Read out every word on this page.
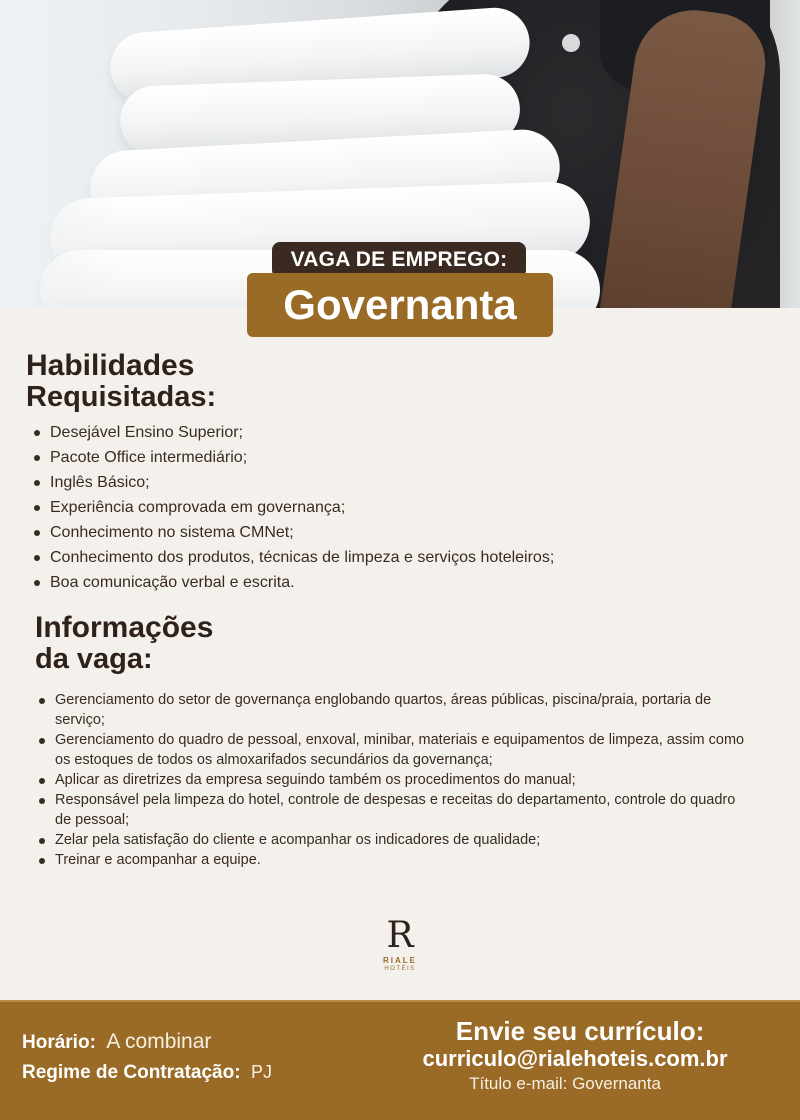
VAGA DE EMPREGO:
Governanta
Habilidades
Requisitadas:
Desejável Ensino Superior;
Pacote Office intermediário;
Inglês Básico;
Experiência comprovada em governança;
Conhecimento no sistema CMNet;
Conhecimento dos produtos, técnicas de limpeza e serviços hoteleiros;
Boa comunicação verbal e escrita.
Informações
da vaga:
Gerenciamento do setor de governança englobando quartos, áreas públicas, piscina/praia, portaria de serviço;
Gerenciamento do quadro de pessoal, enxoval, minibar, materiais e equipamentos de limpeza, assim como os estoques de todos os almoxarifados secundários da governança;
Aplicar as diretrizes da empresa seguindo também os procedimentos do manual;
Responsável pela limpeza do hotel, controle de despesas e receitas do departamento, controle do quadro de pessoal;
Zelar pela satisfação do cliente e acompanhar os indicadores de qualidade;
Treinar e acompanhar a equipe.
R
RIALE
HOTÉIS
Horário: A combinar
Regime de Contratação: PJ
Envie seu currículo:
curriculo@rialehoteis.com.br
Título e-mail: Governanta
